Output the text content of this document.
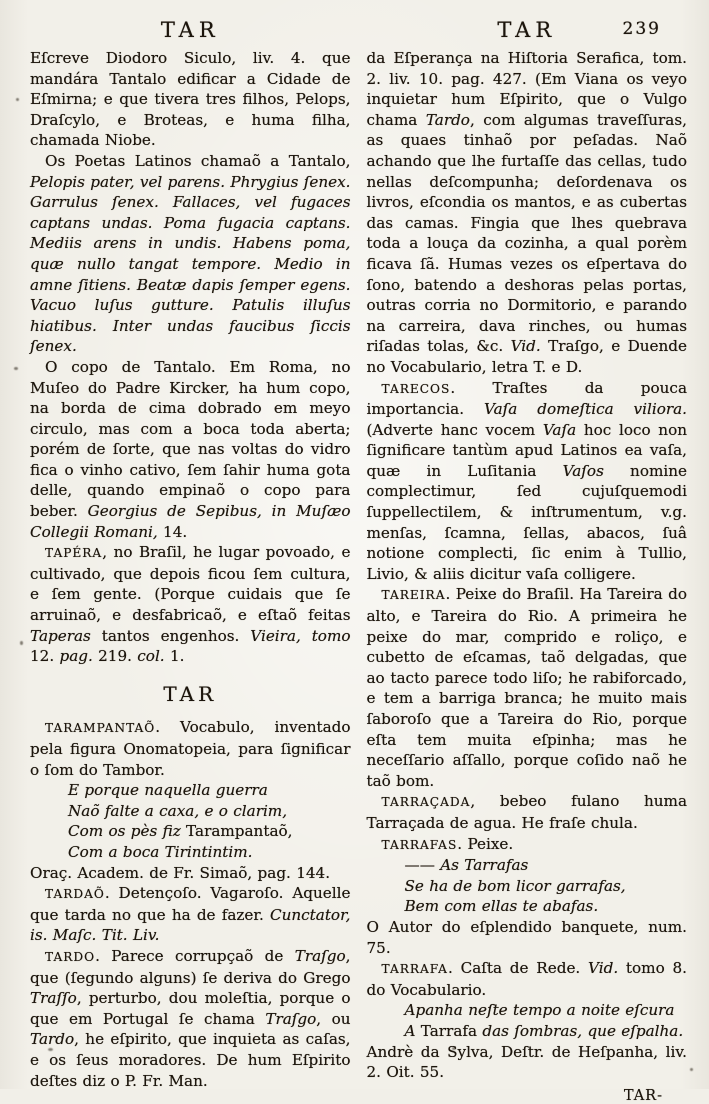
TAR
Eſcreve Diodoro Siculo, liv. 4. que mandára Tantalo edificar a Cidade de Eſmirna; e que tivera tres filhos, Pelops, Draſcylo, e Broteas, e huma filha, chamada Niobe.
Os Poetas Latinos chamaõ a Tantalo, Pelopis pater, vel parens. Phrygius ſenex. Garrulus ſenex. Fallaces, vel fugaces captans undas. Poma fugacia captans. Mediis arens in undis. Habens poma, quæ nullo tangat tempore. Medio in amne ſitiens. Beatæ dapis ſemper egens. Vacuo luſus gutture. Patulis illuſus hiatibus. Inter undas faucibus ſiccis ſenex.
O copo de Tantalo. Em Roma, no Muſeo do Padre Kircker, ha hum copo, na borda de cima dobrado em meyo circulo, mas com a boca toda aberta; porém de ſorte, que nas voltas do vidro fica o vinho cativo, ſem ſahir huma gota delle, quando empinaõ o copo para beber. Georgius de Sepibus, in Muſæo Collegii Romani, 14.
TAPÉRA, no Braſil, he lugar povoado, e cultivado, que depois ficou ſem cultura, e ſem gente. (Porque cuidais que ſe arruinaõ, e desfabricaõ, e eſtaõ feitas Taperas tantos engenhos. Vieira, tomo 12. pag. 219. col. 1.
TAR
TARAMPANTAÕ. Vocabulo, inventado pela figura Onomatopeia, para ſignificar o ſom do Tambor.
E porque naquella guerra
Naõ falte a caxa, e o clarim,
Com os pès fiz Tarampantaõ,
Com a boca Tirintintim.
Oraç. Academ. de Fr. Simaõ, pag. 144.
TARDAÕ. Detençoſo. Vagaroſo. Aquelle que tarda no que ha de fazer. Cunctator, is. Maſc. Tit. Liv.
TARDO. Parece corrupçaõ de Traſgo, que (ſegundo alguns) ſe deriva do Grego Traſſo, perturbo, dou moleſtia, porque o que em Portugal ſe chama Traſgo, ou Tardo, he eſpirito, que inquieta as caſas, e os ſeus moradores. De hum Eſpirito deſtes diz o P. Fr. Man.
TAR	239
da Eſperança na Hiſtoria Serafica, tom. 2. liv. 10. pag. 427. (Em Viana os veyo inquietar hum Eſpirito, que o Vulgo chama Tardo, com algumas traveſſuras, as quaes tinhaõ por peſadas. Naõ achando que lhe furtaſſe das cellas, tudo nellas deſcompunha; deſordenava os livros, eſcondia os mantos, e as cubertas das camas. Fingia que lhes quebrava toda a louça da cozinha, a qual porèm ficava ſã. Humas vezes os eſpertava do ſono, batendo a deshoras pelas portas, outras corria no Dormitorio, e parando na carreira, dava rinches, ou humas riſadas tolas, &c. Vid. Traſgo, e Duende no Vocabulario, letra T. e D.
TARECOS. Traſtes da pouca importancia. Vaſa domeſtica viliora. (Adverte hanc vocem Vaſa hoc loco non ſignificare tantùm apud Latinos ea vaſa, quæ in Luſitania Vaſos nomine complectimur, ſed cujuſquemodi ſuppellectilem, & inſtrumentum, v.g. menſas, ſcamna, ſellas, abacos, ſuâ notione complecti, ſic enim à Tullio, Livio, & aliis dicitur vaſa colligere.
TAREIRA. Peixe do Braſil. Ha Tareira do alto, e Tareira do Rio. A primeira he peixe do mar, comprido e roliço, e cubetto de eſcamas, taõ delgadas, que ao tacto parece todo liſo; he rabiforcado, e tem a barriga branca; he muito mais ſaboroſo que a Tareira do Rio, porque eſta tem muita eſpinha; mas he neceſſario aſſallo, porque coſido naõ he taõ bom.
TARRAÇADA, bebeo fulano huma Tarraçada de agua. He fraſe chula.
TARRAFAS. Peixe.
—— As Tarrafas
Se ha de bom licor garrafas,
Bem com ellas te abafas.
O Autor do eſplendido banquete, num. 75.
TARRAFA. Caſta de Rede. Vid. tomo 8. do Vocabulario.
Apanha neſte tempo a noite eſcura
A Tarrafa das ſombras, que eſpalha.
Andrè da Sylva, Deſtr. de Heſpanha, liv. 2. Oit. 55.
TAR-
